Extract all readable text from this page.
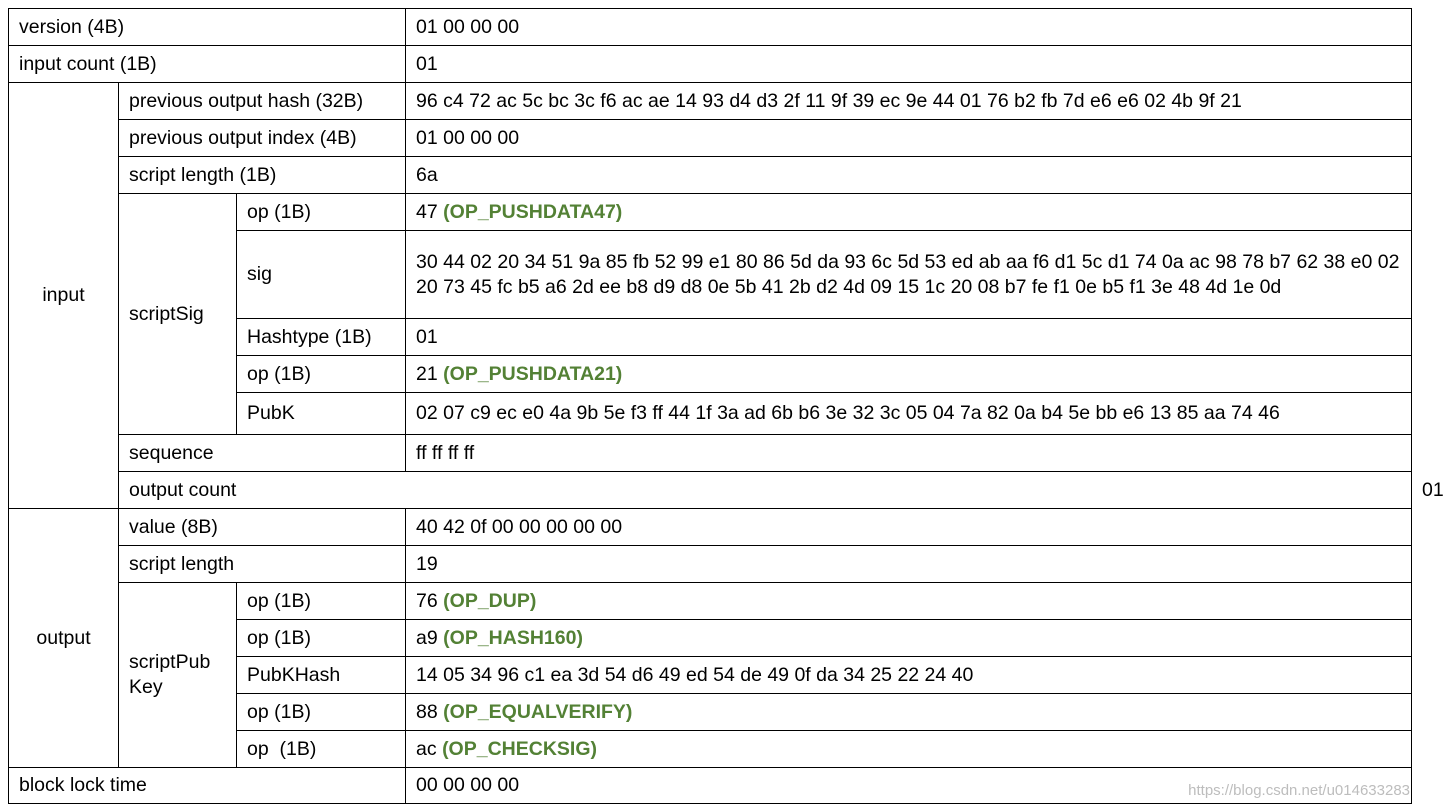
version (4B)			01 00 00 00	
input count (1B)			01	
input	previous output hash (32B)		96 c4 72 ac 5c bc 3c f6 ac ae 14 93 d4 d3 2f 11 9f 39 ec 9e 44 01 76 b2 fb 7d e6 e6 02 4b 9f 21	
	previous output index (4B)		01 00 00 00	
	script length (1B)		6a	
	scriptSig	op (1B)	47 (OP_PUSHDATA47)	
		sig	30 44 02 20 34 51 9a 85 fb 52 99 e1 80 86 5d da 93 6c 5d 53 ed ab aa f6 d1 5c d1 74 0a ac 98 78 b7 62 38 e0 02 20 73 45 fc b5 a6 2d ee b8 d9 d8 0e 5b 41 2b d2 4d 09 15 1c 20 08 b7 fe f1 0e b5 f1 3e 48 4d 1e 0d	
		Hashtype (1B)	01	
		op (1B)	21 (OP_PUSHDATA21)	
		PubK	02 07 c9 ec e0 4a 9b 5e f3 ff 44 1f 3a ad 6b b6 3e 32 3c 05 04 7a 82 0a b4 5e bb e6 13 85 aa 74 46	
	sequence		ff ff ff ff	
	output count			01
output	value (8B)		40 42 0f 00 00 00 00 00	
	script length		19	
	scriptPub
Key	op (1B)	76 (OP_DUP)	
		op (1B)	a9 (OP_HASH160)	
		PubKHash	14 05 34 96 c1 ea 3d 54 d6 49 ed 54 de 49 0f da 34 25 22 24 40	
		op (1B)	88 (OP_EQUALVERIFY)	
		op  (1B)	ac (OP_CHECKSIG)	
block lock time			00 00 00 00		https://blog.csdn.net/u014633283
